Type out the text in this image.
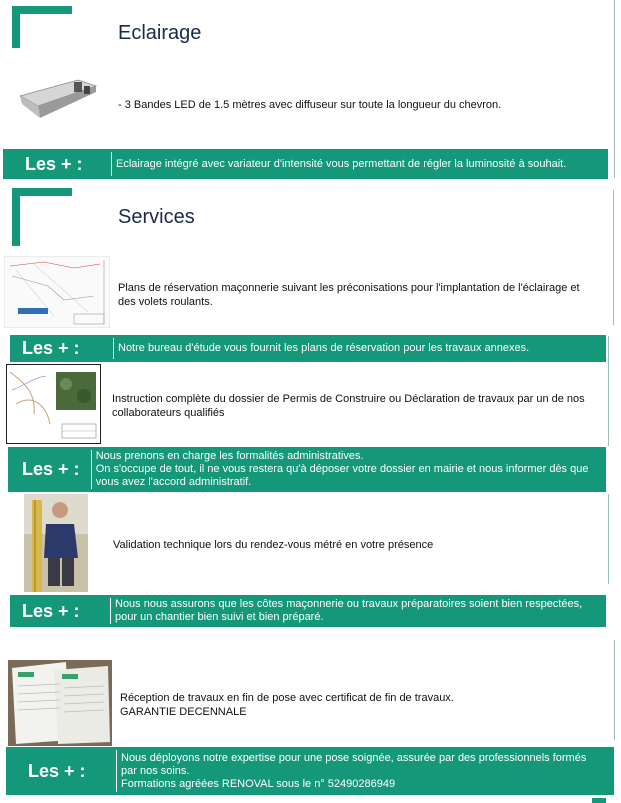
Eclairage
- 3 Bandes LED de 1.5 mètres avec diffuseur sur toute la longueur du chevron.
Les + :	Eclairage intégré avec variateur d'intensité vous permettant de régler la luminosité à souhait.
Services
Plans de réservation maçonnerie suivant les préconisations pour l'implantation de l'éclairage et des volets roulants.
Les + :	Notre bureau d'étude vous fournit les plans de réservation pour les travaux annexes.
Instruction complète du dossier de Permis de Construire ou Déclaration de travaux par un de nos collaborateurs qualifiés
Les + :
Nous prenons en charge les formalités administratives.
On s'occupe de tout, il ne vous restera qu'à déposer votre dossier en mairie et nous informer dès que vous avez l'accord administratif.
Validation technique lors du rendez-vous métré en votre présence
Les + :	Nous nous assurons que les côtes maçonnerie ou travaux préparatoires soient bien respectées, pour un chantier bien suivi et bien préparé.
Réception de travaux en fin de pose avec certificat de fin de travaux.
GARANTIE DECENNALE
Les + :
Nous déployons notre expertise pour une pose soignée, assurée par des professionnels formés par nos soins.
Formations agréées RENOVAL sous le n° 52490286949
